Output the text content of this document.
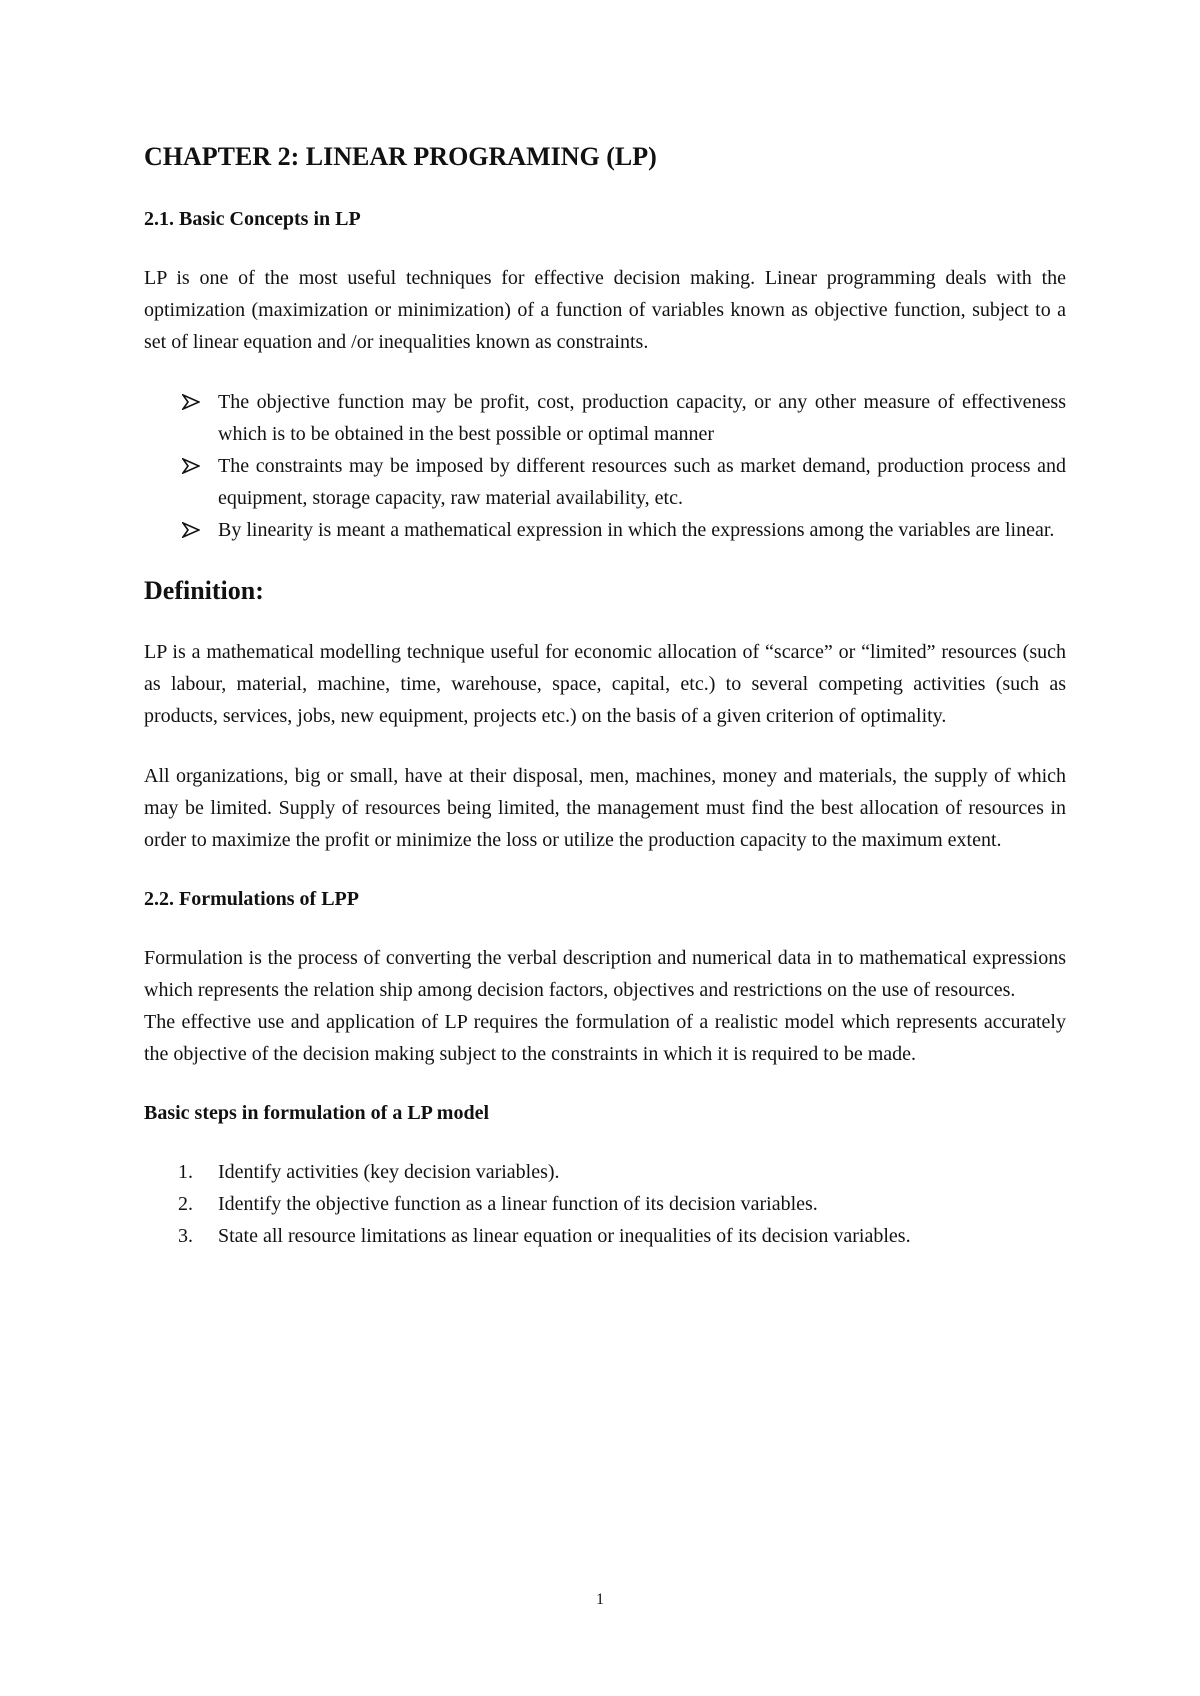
CHAPTER 2: LINEAR PROGRAMING (LP)
2.1. Basic Concepts in LP

LP is one of the most useful techniques for effective decision making. Linear programming deals with the optimization (maximization or minimization) of a function of variables known as objective function, subject to a set of linear equation and /or inequalities known as constraints.

The objective function may be profit, cost, production capacity, or any other measure of effectiveness which is to be obtained in the best possible or optimal manner
The constraints may be imposed by different resources such as market demand, production process and equipment, storage capacity, raw material availability, etc.
By linearity is meant a mathematical expression in which the expressions among the variables are linear.
Definition:

LP is a mathematical modelling technique useful for economic allocation of “scarce” or “limited” resources (such as labour, material, machine, time, warehouse, space, capital, etc.) to several competing activities (such as products, services, jobs, new equipment, projects etc.) on the basis of a given criterion of optimality.

All organizations, big or small, have at their disposal, men, machines, money and materials, the supply of which may be limited. Supply of resources being limited, the management must find the best allocation of resources in order to maximize the profit or minimize the loss or utilize the production capacity to the maximum extent.

2.2. Formulations of LPP

Formulation is the process of converting the verbal description and numerical data in to mathematical expressions which represents the relation ship among decision factors, objectives and restrictions on the use of resources.

The effective use and application of LP requires the formulation of a realistic model which represents accurately the objective of the decision making subject to the constraints in which it is required to be made.

Basic steps in formulation of a LP model
1. Identify activities (key decision variables).
2. Identify the objective function as a linear function of its decision variables.
3. State all resource limitations as linear equation or inequalities of its decision variables.
1
